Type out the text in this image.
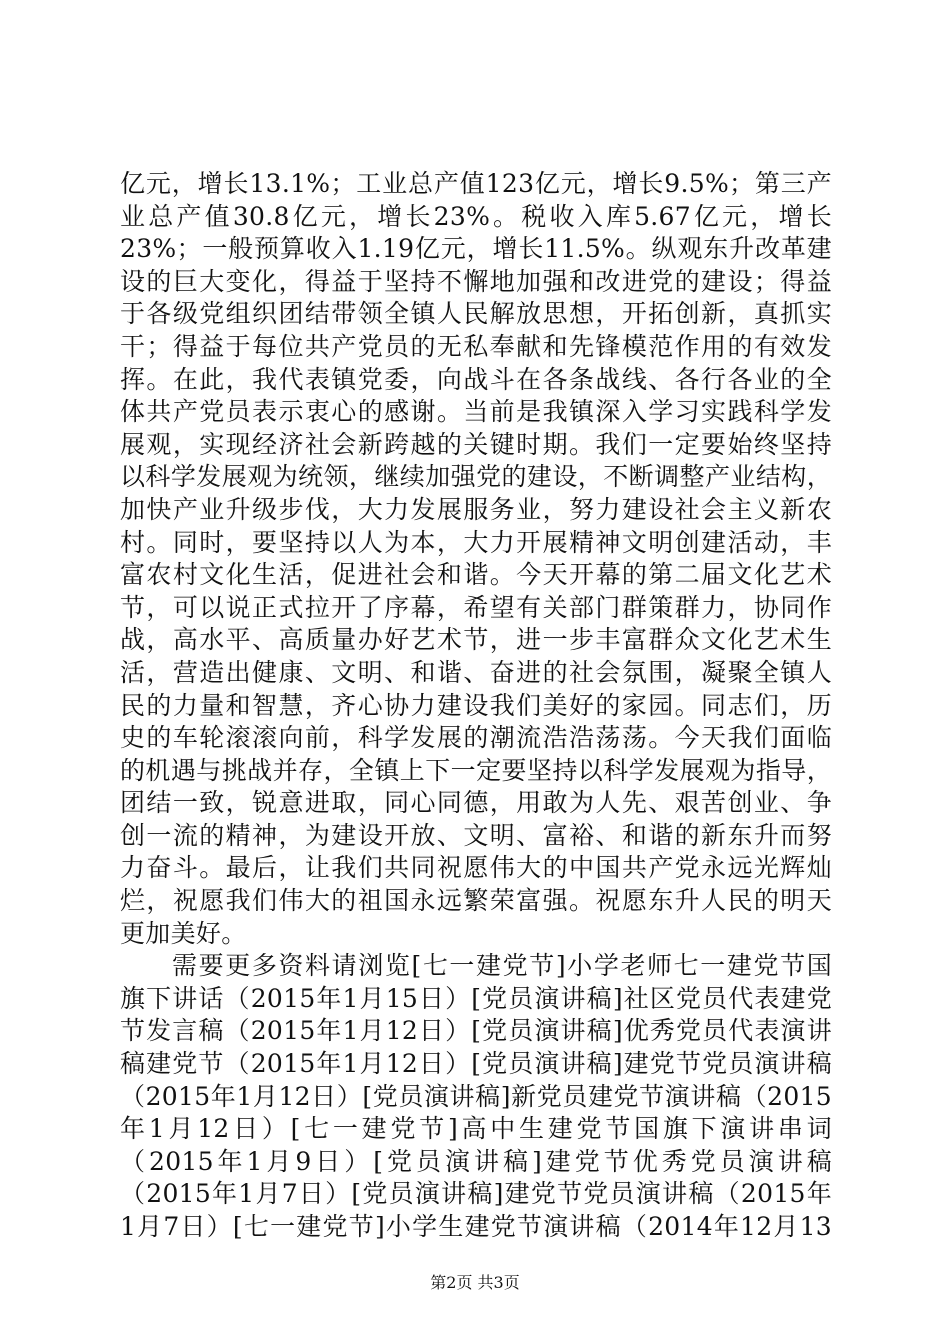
亿元，增长13.1%；工业总产值123亿元，增长9.5%；第三产
业总产值30.8亿元，增长23%。税收入库5.67亿元，增长
23%；一般预算收入1.19亿元，增长11.5%。纵观东升改革建
设的巨大变化，得益于坚持不懈地加强和改进党的建设；得益
于各级党组织团结带领全镇人民解放思想，开拓创新，真抓实
干；得益于每位共产党员的无私奉献和先锋模范作用的有效发
挥。在此，我代表镇党委，向战斗在各条战线、各行各业的全
体共产党员表示衷心的感谢。当前是我镇深入学习实践科学发
展观，实现经济社会新跨越的关键时期。我们一定要始终坚持
以科学发展观为统领，继续加强党的建设，不断调整产业结构，
加快产业升级步伐，大力发展服务业，努力建设社会主义新农
村。同时，要坚持以人为本，大力开展精神文明创建活动，丰
富农村文化生活，促进社会和谐。今天开幕的第二届文化艺术
节，可以说正式拉开了序幕，希望有关部门群策群力，协同作
战，高水平、高质量办好艺术节，进一步丰富群众文化艺术生
活，营造出健康、文明、和谐、奋进的社会氛围，凝聚全镇人
民的力量和智慧，齐心协力建设我们美好的家园。同志们，历
史的车轮滚滚向前，科学发展的潮流浩浩荡荡。今天我们面临
的机遇与挑战并存，全镇上下一定要坚持以科学发展观为指导，
团结一致，锐意进取，同心同德，用敢为人先、艰苦创业、争
创一流的精神，为建设开放、文明、富裕、和谐的新东升而努
力奋斗。最后，让我们共同祝愿伟大的中国共产党永远光辉灿
烂，祝愿我们伟大的祖国永远繁荣富强。祝愿东升人民的明天
更加美好。
需要更多资料请浏览[七一建党节]小学老师七一建党节国
旗下讲话（2015年1月15日）[党员演讲稿]社区党员代表建党
节发言稿（2015年1月12日）[党员演讲稿]优秀党员代表演讲
稿建党节（2015年1月12日）[党员演讲稿]建党节党员演讲稿
（2015年1月12日）[党员演讲稿]新党员建党节演讲稿（2015
年1月12日）[七一建党节]高中生建党节国旗下演讲串词
（2015年1月9日）[党员演讲稿]建党节优秀党员演讲稿
（2015年1月7日）[党员演讲稿]建党节党员演讲稿（2015年
1月7日）[七一建党节]小学生建党节演讲稿（2014年12月13
第2页 共3页
